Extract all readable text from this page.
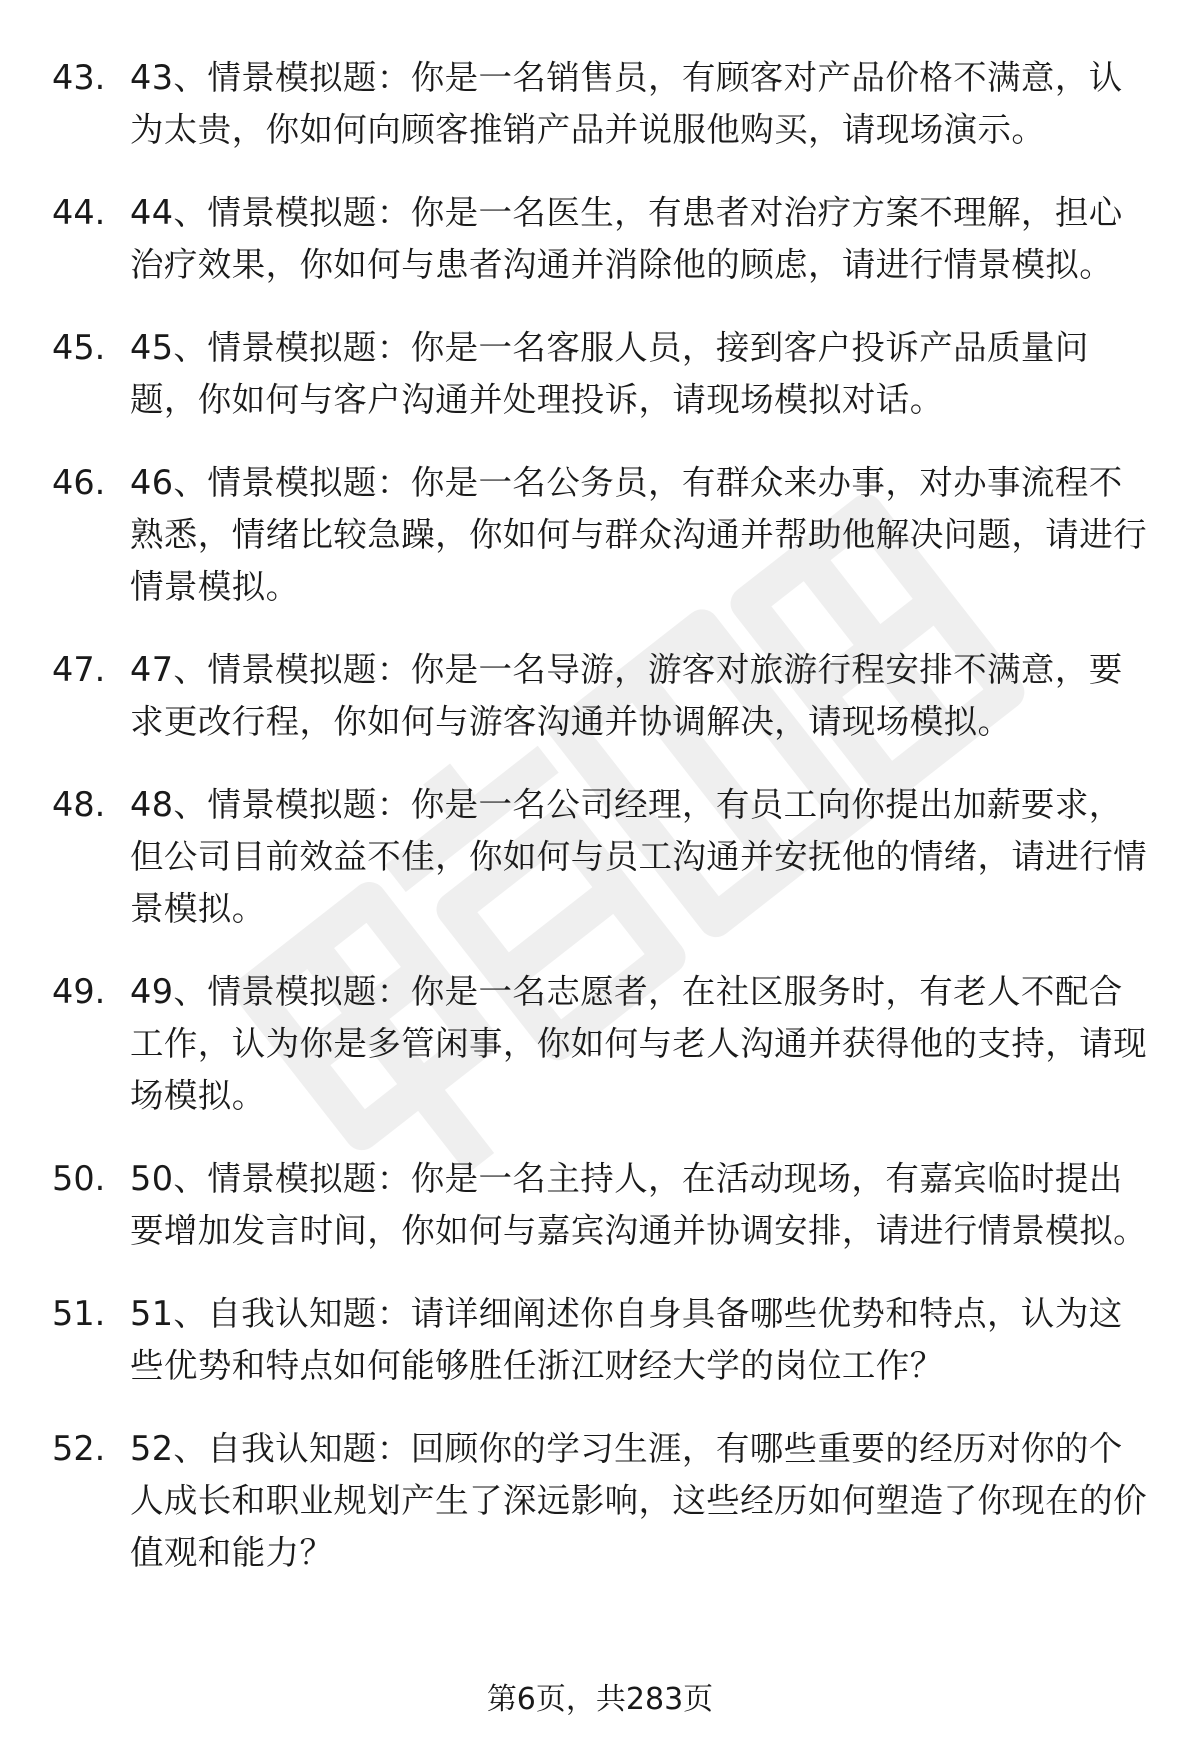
43. 43、情景模拟题：你是一名销售员，有顾客对产品价格不满意，认为太贵，你如何向顾客推销产品并说服他购买，请现场演示。
44. 44、情景模拟题：你是一名医生，有患者对治疗方案不理解，担心治疗效果，你如何与患者沟通并消除他的顾虑，请进行情景模拟。
45. 45、情景模拟题：你是一名客服人员，接到客户投诉产品质量问题，你如何与客户沟通并处理投诉，请现场模拟对话。
46. 46、情景模拟题：你是一名公务员，有群众来办事，对办事流程不熟悉，情绪比较急躁，你如何与群众沟通并帮助他解决问题，请进行情景模拟。
47. 47、情景模拟题：你是一名导游，游客对旅游行程安排不满意，要求更改行程，你如何与游客沟通并协调解决，请现场模拟。
48. 48、情景模拟题：你是一名公司经理，有员工向你提出加薪要求，但公司目前效益不佳，你如何与员工沟通并安抚他的情绪，请进行情景模拟。
49. 49、情景模拟题：你是一名志愿者，在社区服务时，有老人不配合工作，认为你是多管闲事，你如何与老人沟通并获得他的支持，请现场模拟。
50. 50、情景模拟题：你是一名主持人，在活动现场，有嘉宾临时提出要增加发言时间，你如何与嘉宾沟通并协调安排，请进行情景模拟。
51. 51、自我认知题：请详细阐述你自身具备哪些优势和特点，认为这些优势和特点如何能够胜任浙江财经大学的岗位工作？
52. 52、自我认知题：回顾你的学习生涯，有哪些重要的经历对你的个人成长和职业规划产生了深远影响，这些经历如何塑造了你现在的价值观和能力？
第6页，共283页
